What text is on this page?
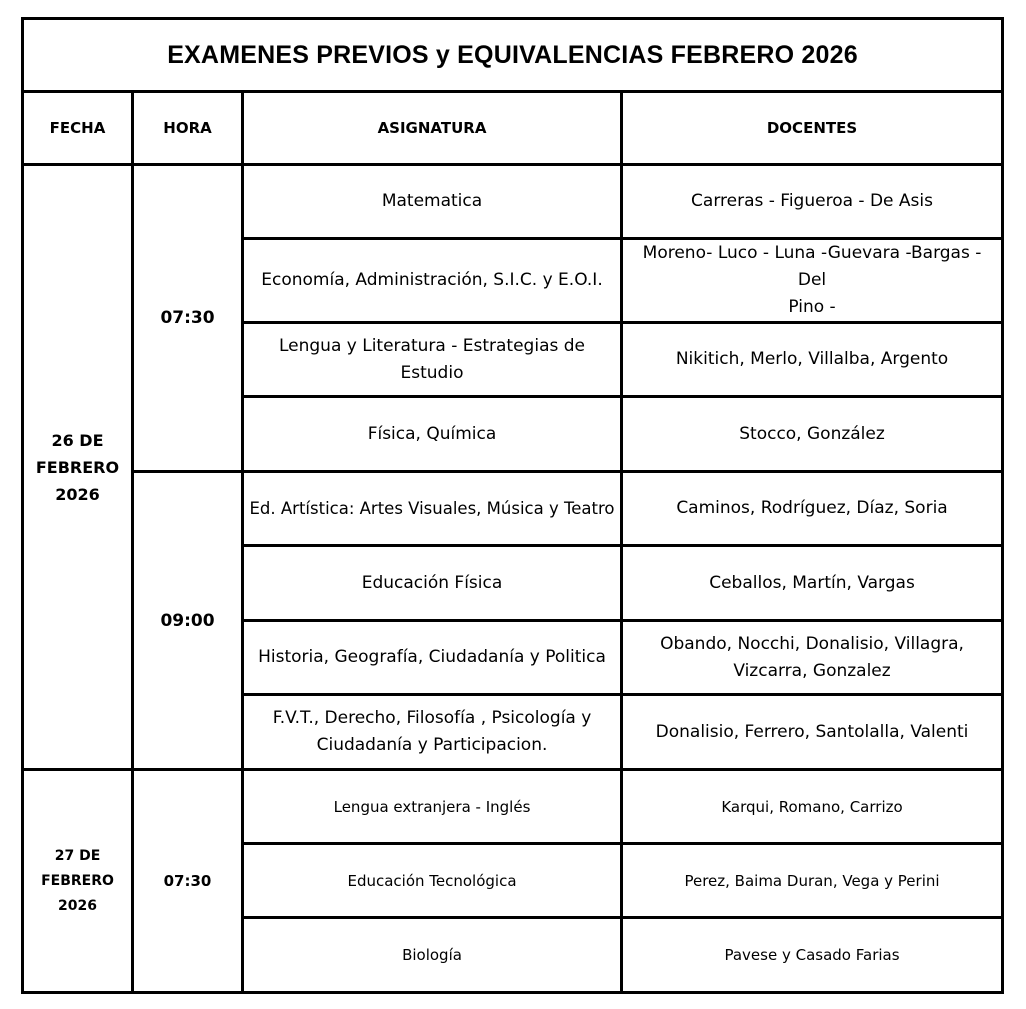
EXAMENES PREVIOS y EQUIVALENCIAS FEBRERO 2026			
FECHA	HORA	ASIGNATURA	DOCENTES

26 DE
FEBRERO
2026	07:30	Matematica	Carreras - Figueroa - De Asis
		Economía, Administración, S.I.C. y E.O.I.	Moreno- Luco - Luna -Guevara -Bargas - Del
Pino -

		Lengua y Literatura - Estrategias de Estudio	Nikitich, Merlo, Villalba, Argento
		Física, Química	Stocco, González
	09:00	Ed. Artística: Artes Visuales, Música y Teatro	Caminos, Rodríguez, Díaz, Soria
		Educación Física	Ceballos, Martín, Vargas
		Historia, Geografía, Ciudadanía y Politica	Obando, Nocchi, Donalisio, Villagra,
Vizcarra, Gonzalez

		F.V.T., Derecho, Filosofía , Psicología y
Ciudadanía y Participacion.	Donalisio, Ferrero, Santolalla, Valenti

27 DE
FEBRERO
2026	07:30	Lengua extranjera - Inglés	Karqui, Romano, Carrizo
		Educación Tecnológica	Perez, Baima Duran, Vega y Perini
		Biología	Pavese y Casado Farias
